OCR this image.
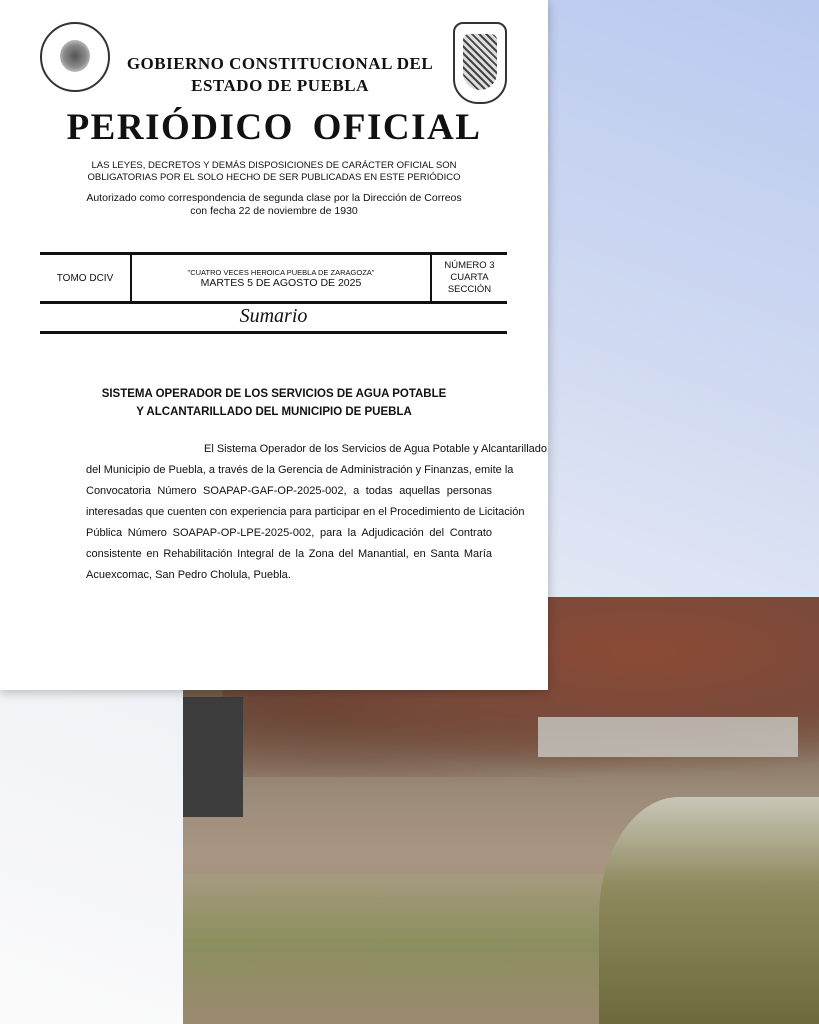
GOBIERNO CONSTITUCIONAL DEL
ESTADO DE PUEBLA
PERIÓDICO OFICIAL
LAS LEYES, DECRETOS Y DEMÁS DISPOSICIONES DE CARÁCTER OFICIAL SON
OBLIGATORIAS POR EL SOLO HECHO DE SER PUBLICADAS EN ESTE PERIÓDICO
Autorizado como correspondencia de segunda clase por la Dirección de Correos
con fecha 22 de noviembre de 1930
TOMO DCIV
"CUATRO VECES HEROICA PUEBLA DE ZARAGOZA"
MARTES 5 DE AGOSTO DE 2025
NÚMERO 3
CUARTA
SECCIÓN
Sumario
SISTEMA OPERADOR DE LOS SERVICIOS DE AGUA POTABLE
Y ALCANTARILLADO DEL MUNICIPIO DE PUEBLA
El Sistema Operador de los Servicios de Agua Potable y Alcantarillado
del Municipio de Puebla, a través de la Gerencia de Administración y Finanzas, emite la
Convocatoria Número SOAPAP-GAF-OP-2025-002, a todas aquellas personas
interesadas que cuenten con experiencia para participar en el Procedimiento de Licitación
Pública Número SOAPAP-OP-LPE-2025-002, para la Adjudicación del Contrato
consistente en Rehabilitación Integral de la Zona del Manantial, en Santa María
Acuexcomac, San Pedro Cholula, Puebla.
